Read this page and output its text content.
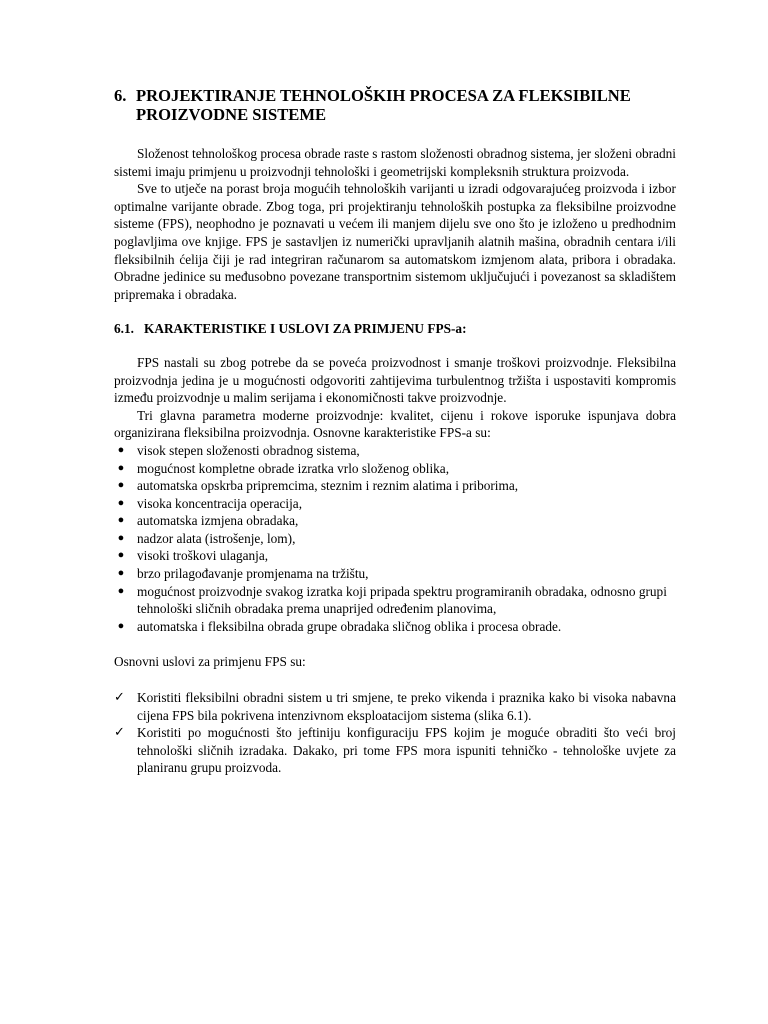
6. PROJEKTIRANJE TEHNOLOŠKIH PROCESA ZA FLEKSIBILNE PROIZVODNE SISTEME

Složenost tehnološkog procesa obrade raste s rastom složenosti obradnog sistema, jer složeni obradni sistemi imaju primjenu u proizvodnji tehnološki i geometrijski kompleksnih struktura proizvoda.

Sve to utječe na porast broja mogućih tehnoloških varijanti u izradi odgovarajućeg proizvoda i izbor optimalne varijante obrade. Zbog toga, pri projektiranju tehnoloških postupka za fleksibilne proizvodne sisteme (FPS), neophodno je poznavati u većem ili manjem dijelu sve ono što je izloženo u predhodnim poglavljima ove knjige. FPS je sastavljen iz numerički upravljanih alatnih mašina, obradnih centara i/ili fleksibilnih ćelija čiji je rad integriran računarom sa automatskom izmjenom alata, pribora i obradaka. Obradne jedinice su međusobno povezane transportnim sistemom uključujući i povezanost sa skladištem pripremaka i obradaka.

6.1. KARAKTERISTIKE I USLOVI ZA PRIMJENU FPS-a:

FPS nastali su zbog potrebe da se poveća proizvodnost i smanje troškovi proizvodnje. Fleksibilna proizvodnja jedina je u mogućnosti odgovoriti zahtijevima turbulentnog tržišta i uspostaviti kompromis između proizvodnje u malim serijama i ekonomičnosti takve proizvodnje.

Tri glavna parametra moderne proizvodnje: kvalitet, cijenu i rokove isporuke ispunjava dobra organizirana fleksibilna proizvodnja. Osnovne karakteristike FPS-a su:

● visok stepen složenosti obradnog sistema,
● mogućnost kompletne obrade izratka vrlo složenog oblika,
● automatska opskrba pripremcima, steznim i reznim alatima i priborima,
● visoka koncentracija operacija,
● automatska izmjena obradaka,
● nadzor alata (istrošenje, lom),
● visoki troškovi ulaganja,
● brzo prilagođavanje promjenama na tržištu,
● mogućnost proizvodnje svakog izratka koji pripada spektru programiranih obradaka, odnosno grupi tehnološki sličnih obradaka prema unaprijed određenim planovima,
● automatska i fleksibilna obrada grupe obradaka sličnog oblika i procesa obrade.

Osnovni uslovi za primjenu FPS su:

✓ Koristiti fleksibilni obradni sistem u tri smjene, te preko vikenda i praznika kako bi visoka nabavna cijena FPS bila pokrivena intenzivnom eksploatacijom sistema (slika 6.1).
✓ Koristiti po mogućnosti što jeftiniju konfiguraciju FPS kojim je moguće obraditi što veći broj tehnološki sličnih izradaka. Dakako, pri tome FPS mora ispuniti tehničko - tehnološke uvjete za planiranu grupu proizvoda.
